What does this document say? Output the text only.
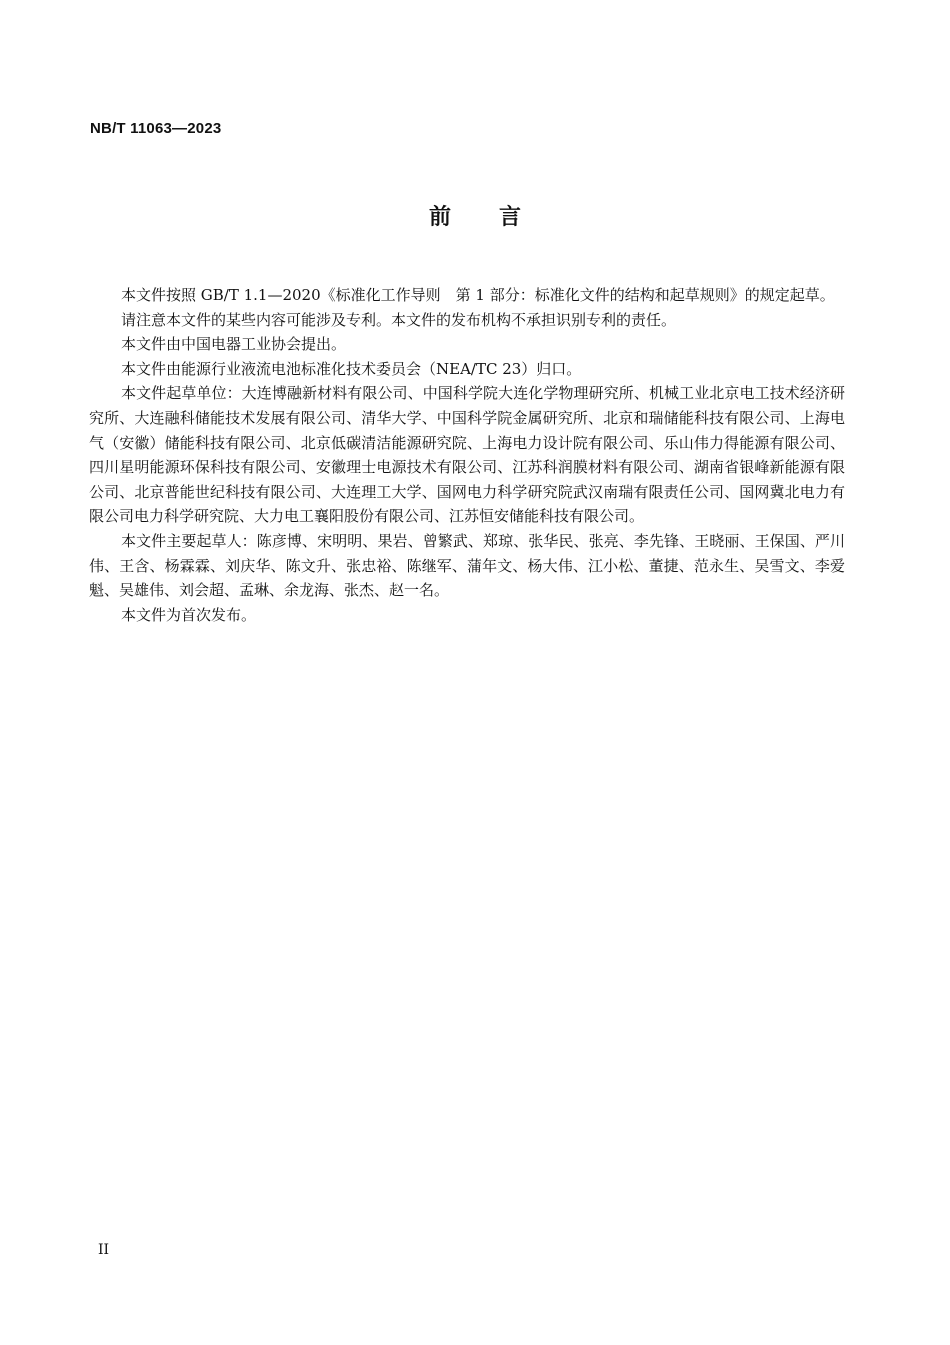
NB/T 11063—2023
前 言

本文件按照 GB/T 1.1—2020《标准化工作导则　第 1 部分：标准化文件的结构和起草规则》的规定起草。

请注意本文件的某些内容可能涉及专利。本文件的发布机构不承担识别专利的责任。

本文件由中国电器工业协会提出。

本文件由能源行业液流电池标准化技术委员会（NEA/TC 23）归口。

本文件起草单位：大连博融新材料有限公司、中国科学院大连化学物理研究所、机械工业北京电工技术经济研究所、大连融科储能技术发展有限公司、清华大学、中国科学院金属研究所、北京和瑞储能科技有限公司、上海电气（安徽）储能科技有限公司、北京低碳清洁能源研究院、上海电力设计院有限公司、乐山伟力得能源有限公司、四川星明能源环保科技有限公司、安徽理士电源技术有限公司、江苏科润膜材料有限公司、湖南省银峰新能源有限公司、北京普能世纪科技有限公司、大连理工大学、国网电力科学研究院武汉南瑞有限责任公司、国网冀北电力有限公司电力科学研究院、大力电工襄阳股份有限公司、江苏恒安储能科技有限公司。

本文件主要起草人：陈彦博、宋明明、果岩、曾繁武、郑琼、张华民、张亮、李先锋、王晓丽、王保国、严川伟、王含、杨霖霖、刘庆华、陈文升、张忠裕、陈继军、蒲年文、杨大伟、江小松、董捷、范永生、吴雪文、李爱魁、吴雄伟、刘会超、孟琳、余龙海、张杰、赵一名。

本文件为首次发布。

II
